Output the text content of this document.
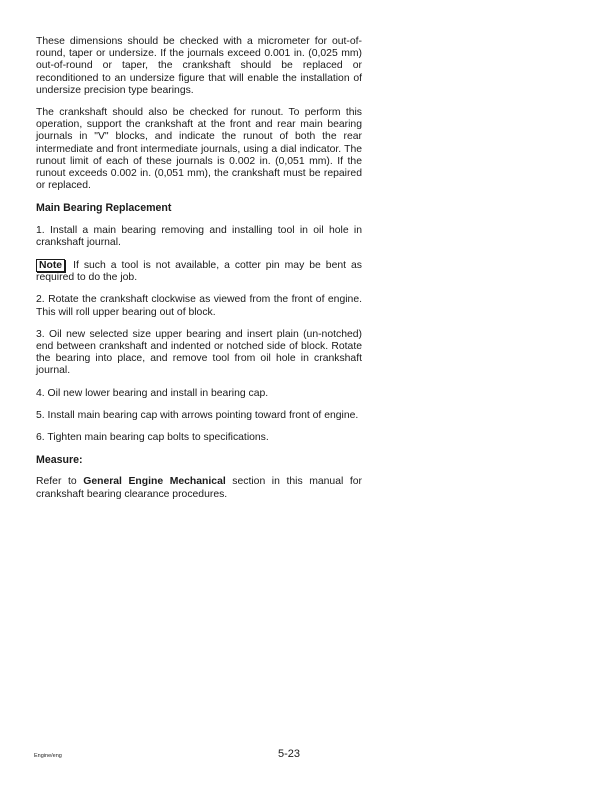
These dimensions should be checked with a micrometer for out-of-round, taper or undersize. If the journals exceed 0.001 in. (0,025 mm) out-of-round or taper, the crankshaft should be replaced or reconditioned to an undersize figure that will enable the installation of undersize precision type bearings.

The crankshaft should also be checked for runout. To perform this operation, support the crankshaft at the front and rear main bearing journals in "V" blocks, and indicate the runout of both the rear intermediate and front intermediate journals, using a dial indicator. The runout limit of each of these journals is 0.002 in. (0,051 mm). If the runout exceeds 0.002 in. (0,051 mm), the crankshaft must be repaired or replaced.

Main Bearing Replacement

1. Install a main bearing removing and installing tool in oil hole in crankshaft journal.

Note If such a tool is not available, a cotter pin may be bent as required to do the job.

2. Rotate the crankshaft clockwise as viewed from the front of engine. This will roll upper bearing out of block.

3. Oil new selected size upper bearing and insert plain (un-notched) end between crankshaft and indented or notched side of block. Rotate the bearing into place, and remove tool from oil hole in crankshaft journal.

4. Oil new lower bearing and install in bearing cap.

5. Install main bearing cap with arrows pointing toward front of engine.

6. Tighten main bearing cap bolts to specifications.

Measure:

Refer to General Engine Mechanical section in this manual for crankshaft bearing clearance procedures.

Engine/eng	5-23
